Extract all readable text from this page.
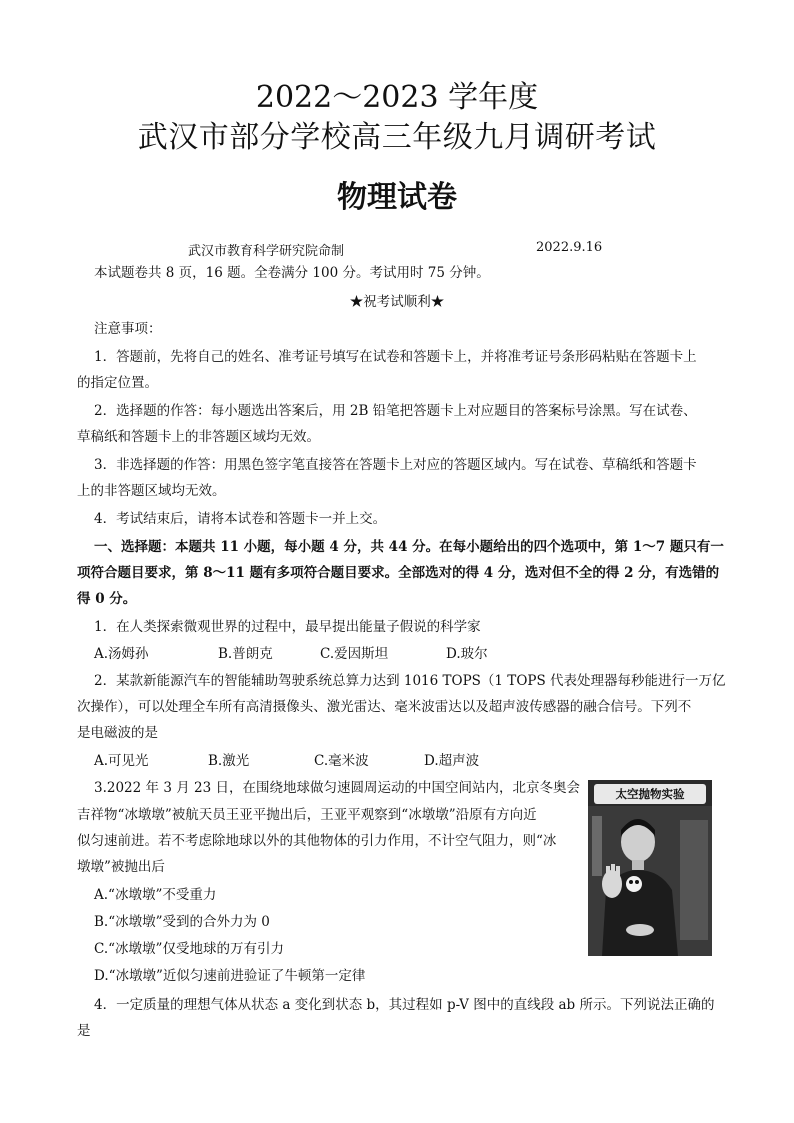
2022～2023 学年度
武汉市部分学校高三年级九月调研考试
物理试卷
武汉市教育科学研究院命制	2022.9.16
本试题卷共 8 页，16 题。全卷满分 100 分。考试用时 75 分钟。
★祝考试顺利★
注意事项：
1．答题前，先将自己的姓名、准考证号填写在试卷和答题卡上，并将准考证号条形码粘贴在答题卡上
的指定位置。
2．选择题的作答：每小题选出答案后，用 2B 铅笔把答题卡上对应题目的答案标号涂黑。写在试卷、
草稿纸和答题卡上的非答题区域均无效。
3．非选择题的作答：用黑色签字笔直接答在答题卡上对应的答题区域内。写在试卷、草稿纸和答题卡
上的非答题区域均无效。
4．考试结束后，请将本试卷和答题卡一并上交。
一、选择题：本题共 11 小题，每小题 4 分，共 44 分。在每小题给出的四个选项中，第 1～7 题只有一
项符合题目要求，第 8～11 题有多项符合题目要求。全部选对的得 4 分，选对但不全的得 2 分，有选错的
得 0 分。
1．在人类探索微观世界的过程中，最早提出能量子假说的科学家
A.汤姆孙	B.普朗克	C.爱因斯坦	D.玻尔
2．某款新能源汽车的智能辅助驾驶系统总算力达到 1016 TOPS（1 TOPS 代表处理器每秒能进行一万亿
次操作），可以处理全车所有高清摄像头、激光雷达、毫米波雷达以及超声波传感器的融合信号。下列不
是电磁波的是
A.可见光	B.激光	C.毫米波	D.超声波
3.2022 年 3 月 23 日，在围绕地球做匀速圆周运动的中国空间站内，北京冬奥会
吉祥物“冰墩墩”被航天员王亚平抛出后，王亚平观察到“冰墩墩”沿原有方向近
似匀速前进。若不考虑除地球以外的其他物体的引力作用，不计空气阻力，则“冰
墩墩”被抛出后
A.“冰墩墩”不受重力
B.“冰墩墩”受到的合外力为 0
C.“冰墩墩”仅受地球的万有引力
D.“冰墩墩”近似匀速前进验证了牛顿第一定律
太空抛物实验
4．一定质量的理想气体从状态 a 变化到状态 b，其过程如 p-V 图中的直线段 ab 所示。下列说法正确的
是
